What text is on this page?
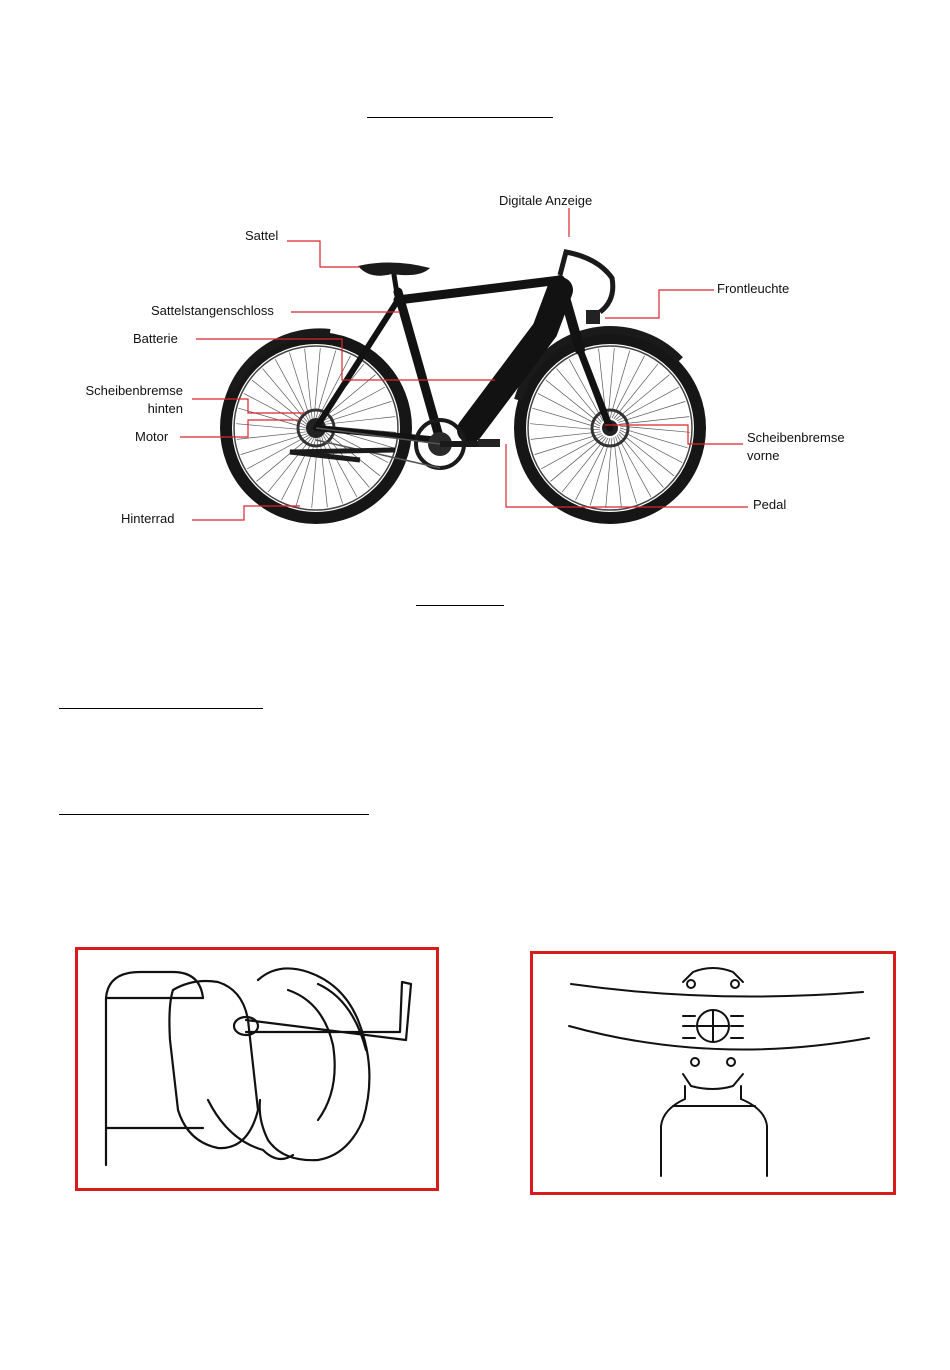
Digitale Anzeige
Sattel
Frontleuchte
Sattelstangenschloss
Batterie
Scheibenbremse
hinten
Motor	Scheibenbremse
vorne
Pedal
Hinterrad
